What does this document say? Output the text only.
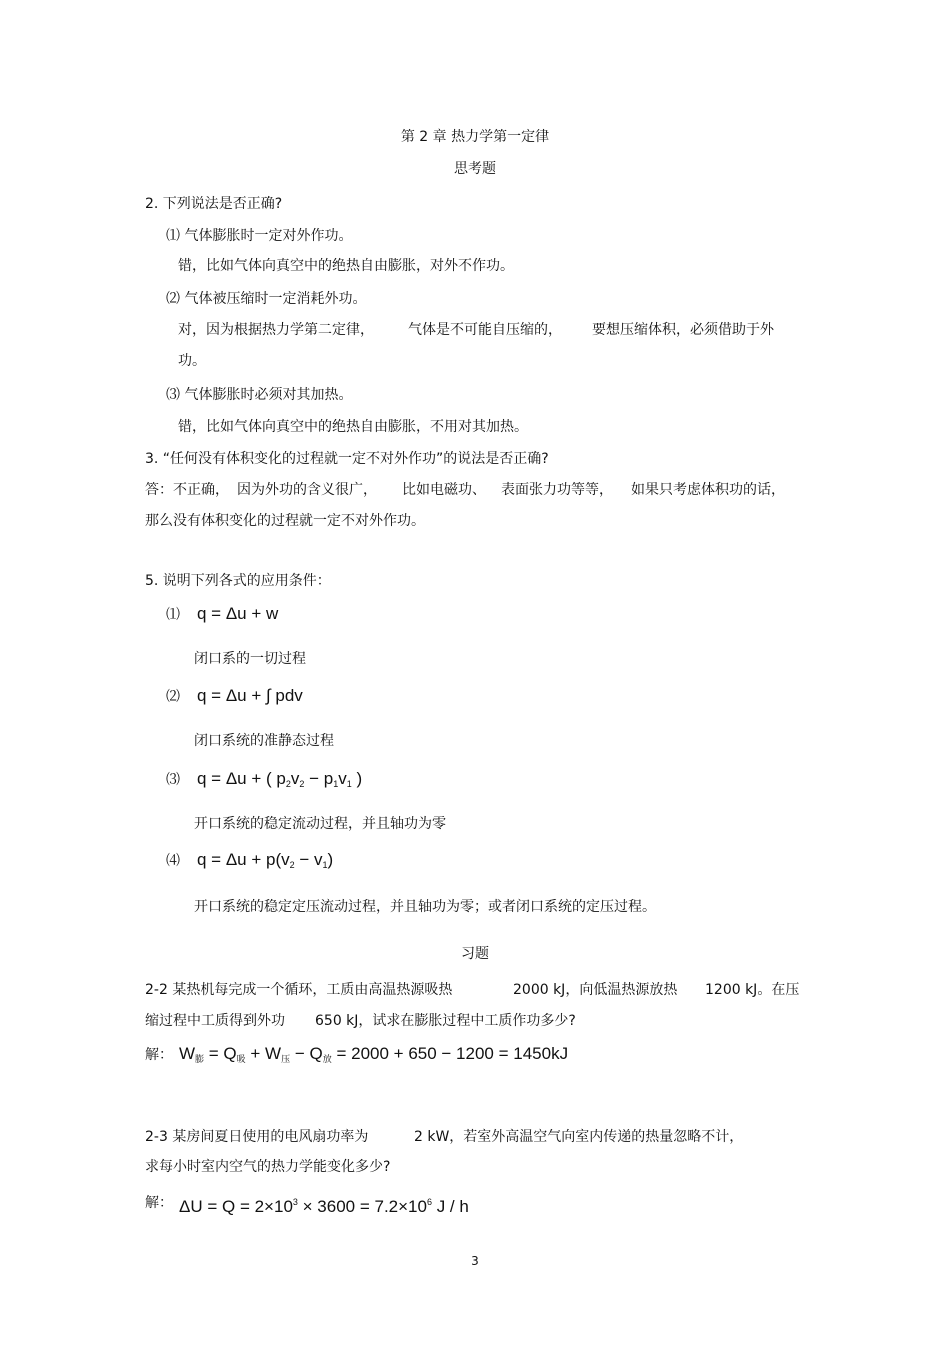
第 2 章 热力学第一定律
思考题
2. 下列说法是否正确?
⑴ 气体膨胀时一定对外作功。
错，比如气体向真空中的绝热自由膨胀，对外不作功。
⑵ 气体被压缩时一定消耗外功。
对，因为根据热力学第二定律， 气体是不可能自压缩的， 要想压缩体积，必须借助于外
功。
⑶ 气体膨胀时必须对其加热。
错，比如气体向真空中的绝热自由膨胀，不用对其加热。
3. “任何没有体积变化的过程就一定不对外作功”的说法是否正确?
答：不正确， 因为外功的含义很广， 比如电磁功、 表面张力功等等， 如果只考虑体积功的话，
那么没有体积变化的过程就一定不对外作功。
5. 说明下列各式的应用条件：
⑴ q = Δu + w
闭口系的一切过程
⑵ q = Δu + ∫ pdv
闭口系统的准静态过程
⑶ q = Δu + ( $p_2v_2 - p_1v_1$ )
开口系统的稳定流动过程，并且轴功为零
⑷ $q = \Delta u + p(v_2 - v_1)$
开口系统的稳定定压流动过程，并且轴功为零；或者闭口系统的定压过程。
习题
2-2 某热机每完成一个循环，工质由高温热源吸热	2000 kJ，向低温热源放热 1200 kJ。在压
缩过程中工质得到外功 650 kJ，试求在膨胀过程中工质作功多少?
解： $W_膨 = Q_吸 + W_压 - Q_放 = 2000 + 650 - 1200 = 1450kJ$
2-3 某房间夏日使用的电风扇功率为	2 kW，若室外高温空气向室内传递的热量忽略不计，
求每小时室内空气的热力学能变化多少?
解： $\Delta U = Q = 2\times 10^3 \times 3600 = 7.2\times 10^6$ J / h
3
